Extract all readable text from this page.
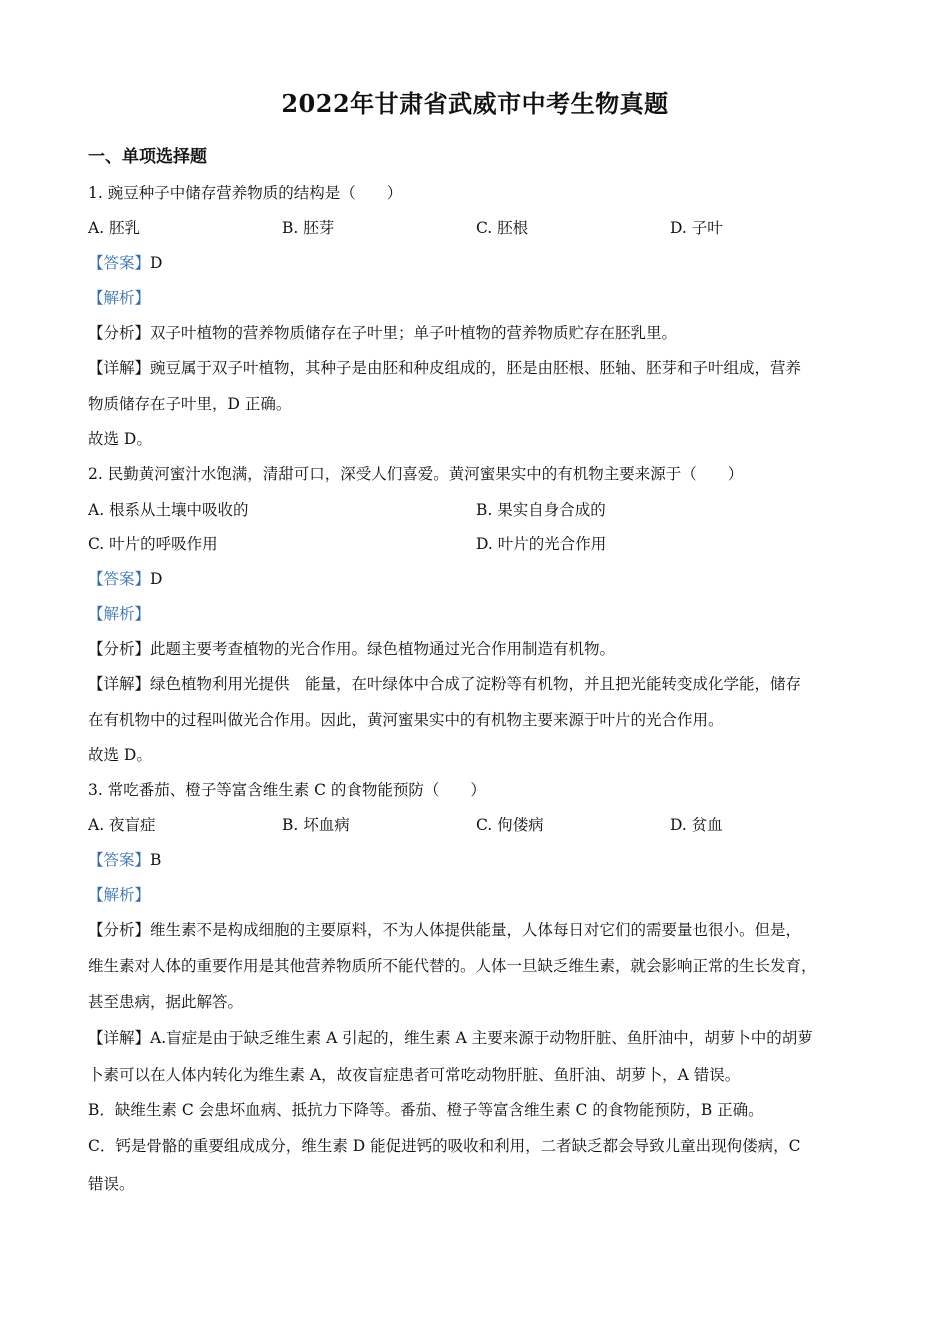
2022年甘肃省武威市中考生物真题
一、单项选择题
1. 豌豆种子中储存营养物质的结构是（　　）
A. 胚乳	B. 胚芽	C. 胚根	D. 子叶
【答案】D
【解析】
【分析】双子叶植物的营养物质储存在子叶里；单子叶植物的营养物质贮存在胚乳里。
【详解】豌豆属于双子叶植物，其种子是由胚和种皮组成的，胚是由胚根、胚轴、胚芽和子叶组成，营养
物质储存在子叶里，D 正确。
故选 D。
2. 民勤黄河蜜汁水饱满，清甜可口，深受人们喜爱。黄河蜜果实中的有机物主要来源于（　　）
A. 根系从土壤中吸收的	B. 果实自身合成的
C. 叶片的呼吸作用	D. 叶片的光合作用
【答案】D
【解析】
【分析】此题主要考查植物的光合作用。绿色植物通过光合作用制造有机物。
【详解】绿色植物利用光提供　能量，在叶绿体中合成了淀粉等有机物，并且把光能转变成化学能，储存
在有机物中的过程叫做光合作用。因此，黄河蜜果实中的有机物主要来源于叶片的光合作用。
故选 D。
3. 常吃番茄、橙子等富含维生素 C 的食物能预防（　　）
A. 夜盲症	B. 坏血病	C. 佝偻病	D. 贫血
【答案】B
【解析】
【分析】维生素不是构成细胞的主要原料，不为人体提供能量，人体每日对它们的需要量也很小。但是，
维生素对人体的重要作用是其他营养物质所不能代替的。人体一旦缺乏维生素，就会影响正常的生长发育，
甚至患病，据此解答。
【详解】A.盲症是由于缺乏维生素 A 引起的，维生素 A 主要来源于动物肝脏、鱼肝油中，胡萝卜中的胡萝
卜素可以在人体内转化为维生素 A，故夜盲症患者可常吃动物肝脏、鱼肝油、胡萝卜，A 错误。
B．缺维生素 C 会患坏血病、抵抗力下降等。番茄、橙子等富含维生素 C 的食物能预防，B 正确。
C．钙是骨骼的重要组成成分，维生素 D 能促进钙的吸收和利用，二者缺乏都会导致儿童出现佝偻病，C
错误。
